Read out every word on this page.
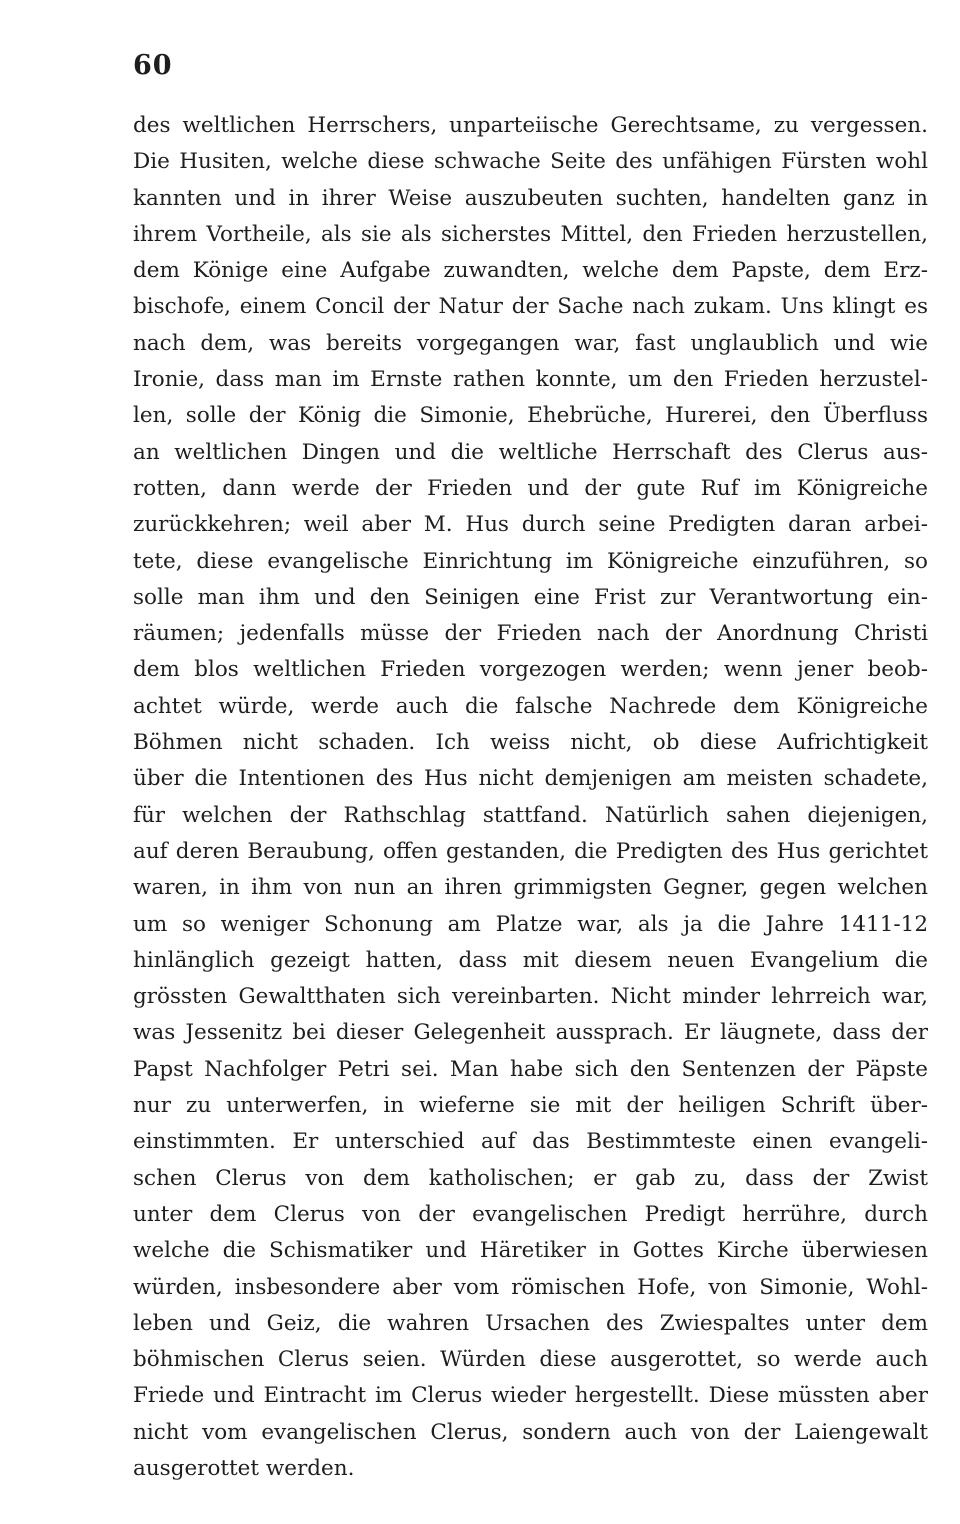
60
des weltlichen Herrschers, unparteiische Gerechtsame, zu vergessen.
Die Husiten, welche diese schwache Seite des unfähigen Fürsten wohl
kannten und in ihrer Weise auszubeuten suchten, handelten ganz in
ihrem Vortheile, als sie als sicherstes Mittel, den Frieden herzustellen,
dem Könige eine Aufgabe zuwandten, welche dem Papste, dem Erz-
bischofe, einem Concil der Natur der Sache nach zukam. Uns klingt es
nach dem, was bereits vorgegangen war, fast unglaublich und wie
Ironie, dass man im Ernste rathen konnte, um den Frieden herzustel-
len, solle der König die Simonie, Ehebrüche, Hurerei, den Überfluss
an weltlichen Dingen und die weltliche Herrschaft des Clerus aus-
rotten, dann werde der Frieden und der gute Ruf im Königreiche
zurückkehren; weil aber M. Hus durch seine Predigten daran arbei-
tete, diese evangelische Einrichtung im Königreiche einzuführen, so
solle man ihm und den Seinigen eine Frist zur Verantwortung ein-
räumen; jedenfalls müsse der Frieden nach der Anordnung Christi
dem blos weltlichen Frieden vorgezogen werden; wenn jener beob-
achtet würde, werde auch die falsche Nachrede dem Königreiche
Böhmen nicht schaden. Ich weiss nicht, ob diese Aufrichtigkeit
über die Intentionen des Hus nicht demjenigen am meisten schadete,
für welchen der Rathschlag stattfand. Natürlich sahen diejenigen,
auf deren Beraubung, offen gestanden, die Predigten des Hus gerichtet
waren, in ihm von nun an ihren grimmigsten Gegner, gegen welchen
um so weniger Schonung am Platze war, als ja die Jahre 1411-12
hinlänglich gezeigt hatten, dass mit diesem neuen Evangelium die
grössten Gewaltthaten sich vereinbarten. Nicht minder lehrreich war,
was Jessenitz bei dieser Gelegenheit aussprach. Er läugnete, dass der
Papst Nachfolger Petri sei. Man habe sich den Sentenzen der Päpste
nur zu unterwerfen, in wieferne sie mit der heiligen Schrift über-
einstimmten. Er unterschied auf das Bestimmteste einen evangeli-
schen Clerus von dem katholischen; er gab zu, dass der Zwist
unter dem Clerus von der evangelischen Predigt herrühre, durch
welche die Schismatiker und Häretiker in Gottes Kirche überwiesen
würden, insbesondere aber vom römischen Hofe, von Simonie, Wohl-
leben und Geiz, die wahren Ursachen des Zwiespaltes unter dem
böhmischen Clerus seien. Würden diese ausgerottet, so werde auch
Friede und Eintracht im Clerus wieder hergestellt. Diese müssten aber
nicht vom evangelischen Clerus, sondern auch von der Laiengewalt
ausgerottet werden.
